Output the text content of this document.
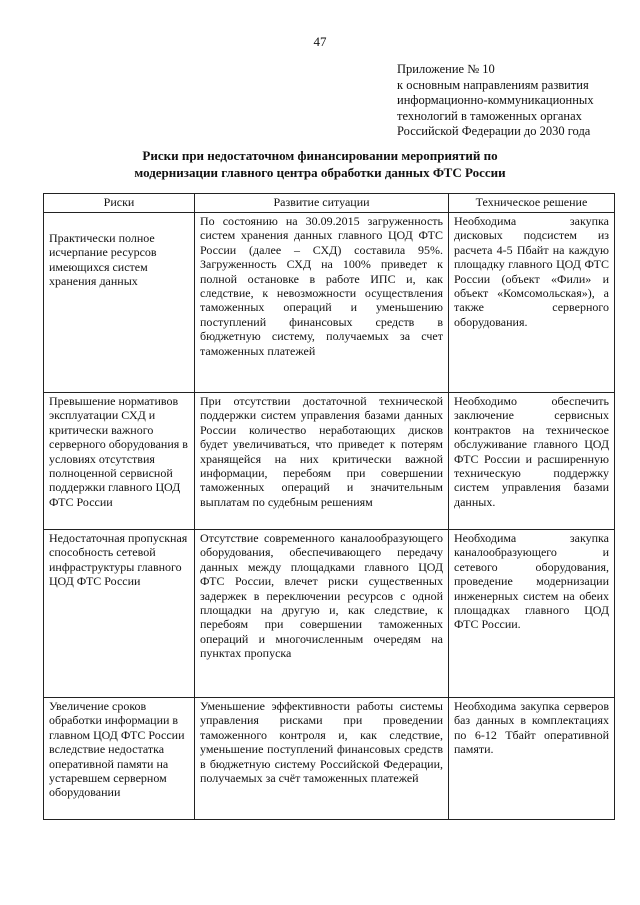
47
Приложение № 10
к основным направлениям развития
информационно-коммуникационных
технологий в таможенных органах
Российской Федерации до 2030 года
Риски при недостаточном финансировании мероприятий по
модернизации главного центра обработки данных ФТС России
Риски	Развитие ситуации	Техническое решение

Практически полное исчерпание ресурсов имеющихся систем хранения данных	По состоянию на 30.09.2015 загруженность систем хранения данных главного ЦОД ФТС России (далее – СХД) составила 95%. Загруженность СХД на 100% приведет к полной остановке в работе ИПС и, как следствие, к невозможности осуществления таможенных операций и уменьшению поступлений финансовых средств в бюджетную систему, получаемых за счет таможенных платежей	Необходима закупка дисковых подсистем из расчета 4-5 Пбайт на каждую площадку главного ЦОД ФТС России (объект «Фили» и объект «Комсомольская»), а также серверного оборудования.
Превышение нормативов эксплуатации СХД и критически важного серверного оборудования в условиях отсутствия полноценной сервисной поддержки главного ЦОД ФТС России	При отсутствии достаточной технической поддержки систем управления базами данных России количество неработающих дисков будет увеличиваться, что приведет к потерям хранящейся на них критически важной информации, перебоям при совершении таможенных операций и значительным выплатам по судебным решениям	Необходимо обеспечить заключение сервисных контрактов на техническое обслуживание главного ЦОД ФТС России и расширенную техническую поддержку систем управления базами данных.
Недостаточная пропускная способность сетевой инфраструктуры главного ЦОД ФТС России	Отсутствие современного каналообразующего оборудования, обеспечивающего передачу данных между площадками главного ЦОД ФТС России, влечет риски существенных задержек в переключении ресурсов с одной площадки на другую и, как следствие, к перебоям при совершении таможенных операций и многочисленным очередям на пунктах пропуска	Необходима закупка каналообразующего и сетевого оборудования, проведение модернизации инженерных систем на обеих площадках главного ЦОД ФТС России.
Увеличение сроков обработки информации в главном ЦОД ФТС России вследствие недостатка оперативной памяти на устаревшем серверном оборудовании	Уменьшение эффективности работы системы управления рисками при проведении таможенного контроля и, как следствие, уменьшение поступлений финансовых средств в бюджетную систему Российской Федерации, получаемых за счёт таможенных платежей	Необходима закупка серверов баз данных в комплектациях по 6-12 Тбайт оперативной памяти.
